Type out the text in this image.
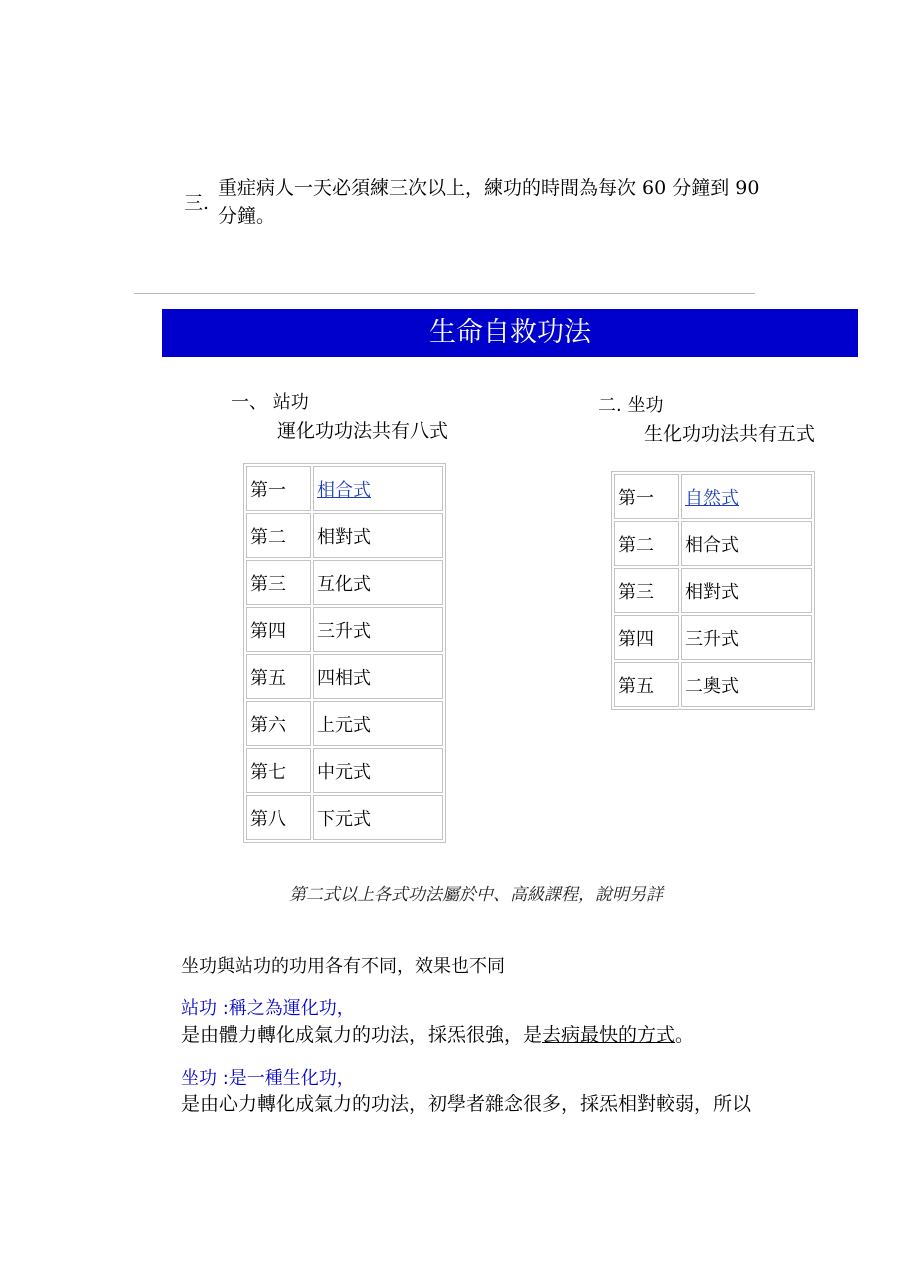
三.
重症病人一天必須練三次以上，練功的時間為每次 60 分鐘到 90 分鐘。
生命自救功法
一、 站功
運化功功法共有八式
第一	相合式
第二	相對式
第三	互化式
第四	三升式
第五	四相式
第六	上元式
第七	中元式
第八	下元式
二. 坐功
生化功功法共有五式
第一	自然式
第二	相合式
第三	相對式
第四	三升式
第五	二奧式
第二式以上各式功法屬於中、高級課程，說明另詳
坐功與站功的功用各有不同，效果也不同
站功 :稱之為運化功，
是由體力轉化成氣力的功法，採炁很強，是去病最快的方式。
坐功 :是一種生化功，
是由心力轉化成氣力的功法，初學者雜念很多，採炁相對較弱，所以
